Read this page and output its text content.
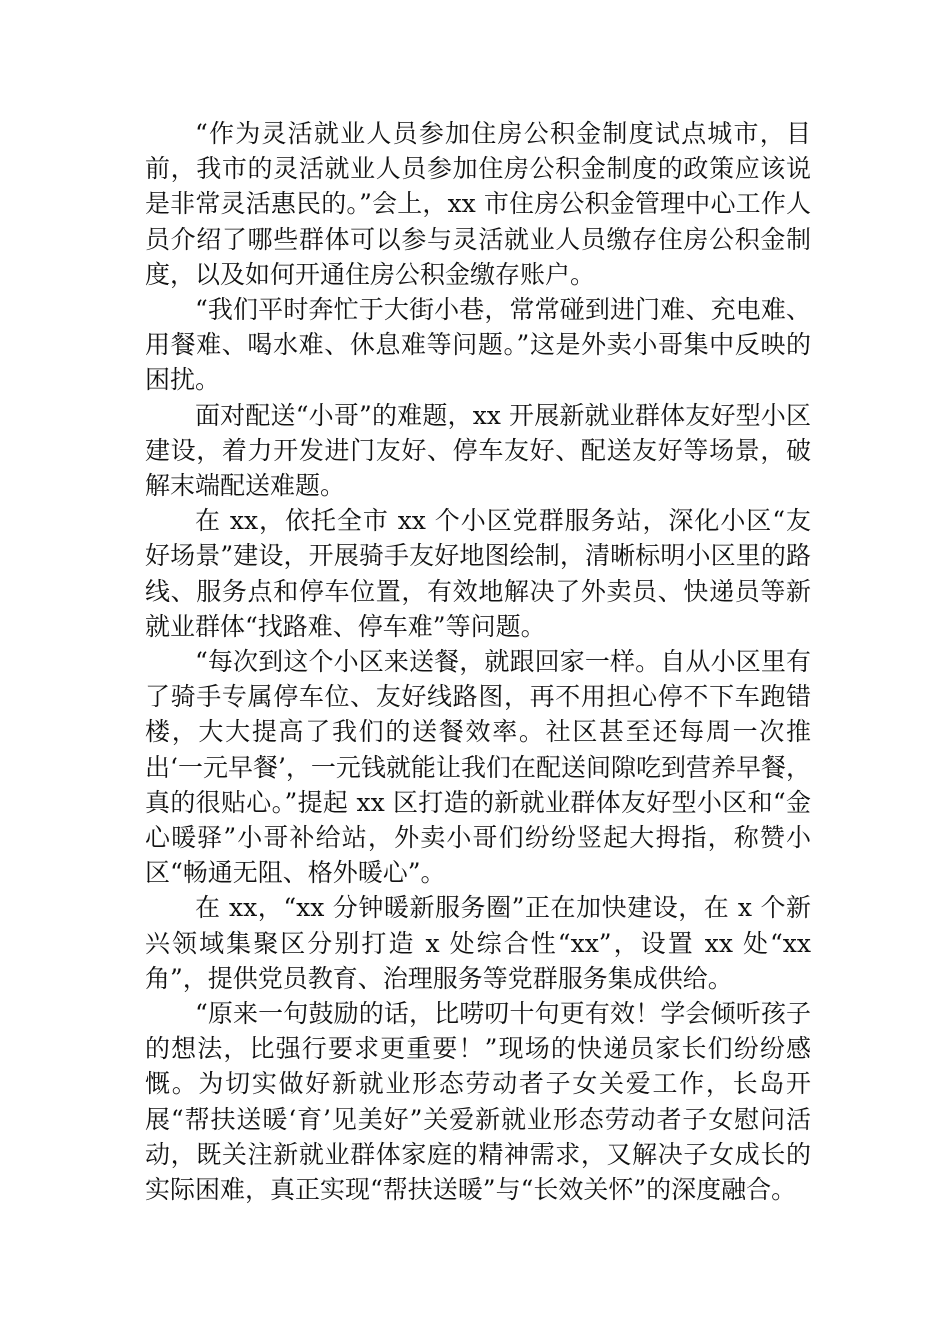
“作为灵活就业人员参加住房公积金制度试点城市，目前，我市的灵活就业人员参加住房公积金制度的政策应该说是非常灵活惠民的。”会上，xx 市住房公积金管理中心工作人员介绍了哪些群体可以参与灵活就业人员缴存住房公积金制度，以及如何开通住房公积金缴存账户。

“我们平时奔忙于大街小巷，常常碰到进门难、充电难、用餐难、喝水难、休息难等问题。”这是外卖小哥集中反映的困扰。

面对配送“小哥”的难题，xx 开展新就业群体友好型小区建设，着力开发进门友好、停车友好、配送友好等场景，破解末端配送难题。

在 xx，依托全市 xx 个小区党群服务站，深化小区“友好场景”建设，开展骑手友好地图绘制，清晰标明小区里的路线、服务点和停车位置，有效地解决了外卖员、快递员等新就业群体“找路难、停车难”等问题。

“每次到这个小区来送餐，就跟回家一样。自从小区里有了骑手专属停车位、友好线路图，再不用担心停不下车跑错楼，大大提高了我们的送餐效率。社区甚至还每周一次推出‘一元早餐’，一元钱就能让我们在配送间隙吃到营养早餐，真的很贴心。”提起 xx 区打造的新就业群体友好型小区和“金心暖驿”小哥补给站，外卖小哥们纷纷竖起大拇指，称赞小区“畅通无阻、格外暖心”。

在 xx，“xx 分钟暖新服务圈”正在加快建设，在 x 个新兴领域集聚区分别打造 x 处综合性“xx”，设置 xx 处“xx 角”，提供党员教育、治理服务等党群服务集成供给。

“原来一句鼓励的话，比唠叨十句更有效！学会倾听孩子的想法，比强行要求更重要！”现场的快递员家长们纷纷感慨。为切实做好新就业形态劳动者子女关爱工作，长岛开展“帮扶送暖‘育’见美好”关爱新就业形态劳动者子女慰问活动，既关注新就业群体家庭的精神需求，又解决子女成长的实际困难，真正实现“帮扶送暖”与“长效关怀”的深度融合。
